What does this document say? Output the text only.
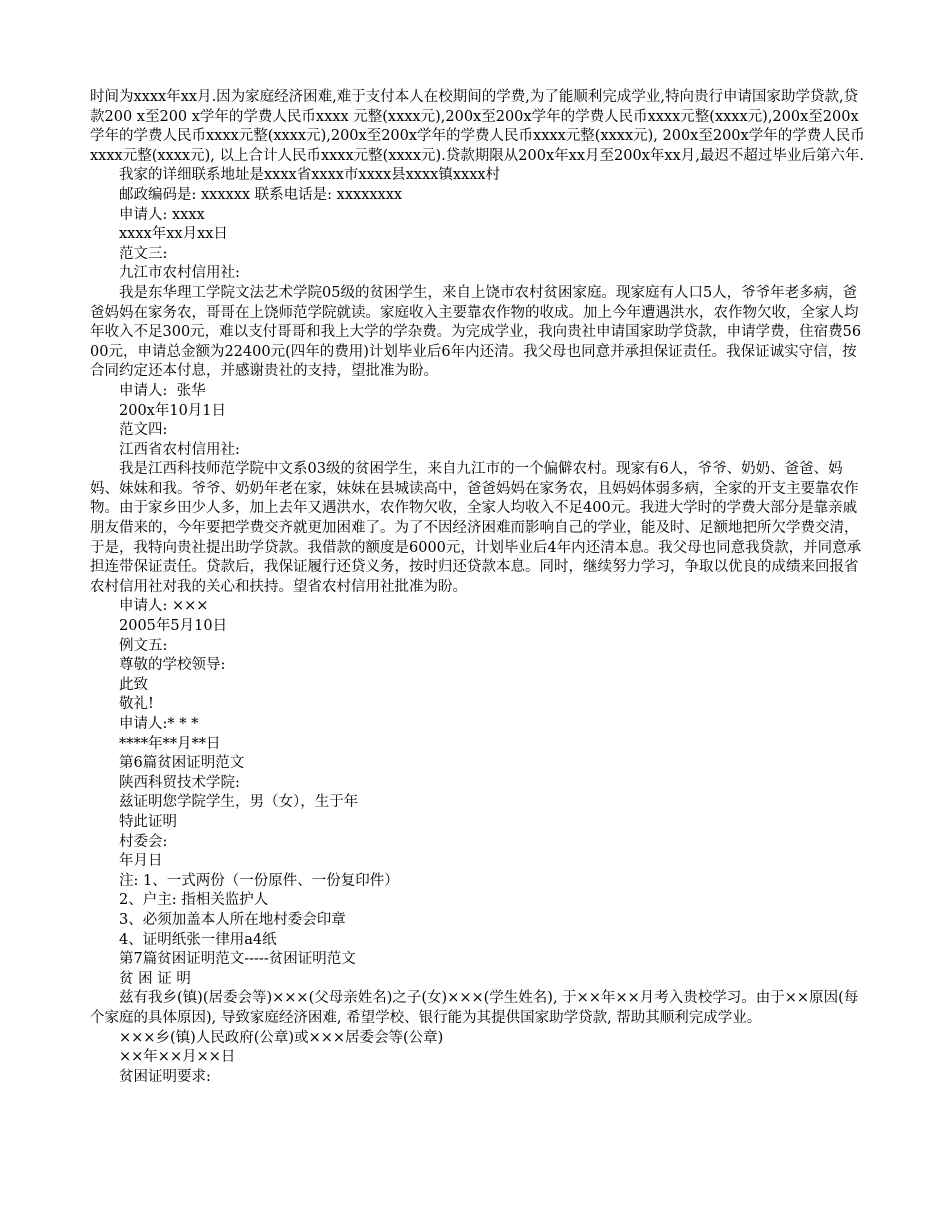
时间为xxxx年xx月.因为家庭经济困难,难于支付本人在校期间的学费,为了能顺利完成学业,特向贵行申请国家助学贷款,贷款200 x至200 x学年的学费人民币xxxx 元整(xxxx元),200x至200x学年的学费人民币xxxx元整(xxxx元),200x至200x学年的学费人民币xxxx元整(xxxx元),200x至200x学年的学费人民币xxxx元整(xxxx元), 200x至200x学年的学费人民币xxxx元整(xxxx元), 以上合计人民币xxxx元整(xxxx元).贷款期限从200x年xx月至200x年xx月,最迟不超过毕业后第六年.

我家的详细联系地址是xxxx省xxxx市xxxx县xxxx镇xxxx村

邮政编码是: xxxxxx 联系电话是: xxxxxxxx

申请人: xxxx

xxxx年xx月xx日

范文三:

九江市农村信用社:

我是东华理工学院文法艺术学院05级的贫困学生，来自上饶市农村贫困家庭。现家庭有人口5人，爷爷年老多病，爸爸妈妈在家务农，哥哥在上饶师范学院就读。家庭收入主要靠农作物的收成。加上今年遭遇洪水，农作物欠收，全家人均年收入不足300元，难以支付哥哥和我上大学的学杂费。为完成学业，我向贵社申请国家助学贷款，申请学费，住宿费5600元，申请总金额为22400元(四年的费用)计划毕业后6年内还清。我父母也同意并承担保证责任。我保证诚实守信，按合同约定还本付息，并感谢贵社的支持，望批准为盼。

申请人:  张华

200x年10月1日

范文四:

江西省农村信用社:

我是江西科技师范学院中文系03级的贫困学生，来自九江市的一个偏僻农村。现家有6人，爷爷、奶奶、爸爸、妈妈、妹妹和我。爷爷、奶奶年老在家，妹妹在县城读高中，爸爸妈妈在家务农，且妈妈体弱多病，全家的开支主要靠农作物。由于家乡田少人多，加上去年又遇洪水，农作物欠收，全家人均收入不足400元。我进大学时的学费大部分是靠亲戚朋友借来的，今年要把学费交齐就更加困难了。为了不因经济困难而影响自己的学业，能及时、足额地把所欠学费交清，于是，我特向贵社提出助学贷款。我借款的额度是6000元，计划毕业后4年内还清本息。我父母也同意我贷款，并同意承担连带保证责任。贷款后，我保证履行还贷义务，按时归还贷款本息。同时，继续努力学习，争取以优良的成绩来回报省农村信用社对我的关心和扶持。望省农村信用社批准为盼。

申请人: ×××

2005年5月10日

例文五:

尊敬的学校领导:

此致

敬礼!

申请人:* * *

****年**月**日

第6篇贫困证明范文

陕西科贸技术学院:

兹证明您学院学生，男（女），生于年

特此证明

村委会:

年月日

注: 1、一式两份（一份原件、一份复印件）

2、户主: 指相关监护人

3、必须加盖本人所在地村委会印章

4、证明纸张一律用a4纸

第7篇贫困证明范文-----贫困证明范文

贫 困 证 明

兹有我乡(镇)(居委会等)×××(父母亲姓名)之子(女)×××(学生姓名), 于××年××月考入贵校学习。由于××原因(每个家庭的具体原因), 导致家庭经济困难, 希望学校、银行能为其提供国家助学贷款, 帮助其顺利完成学业。

×××乡(镇)人民政府(公章)或×××居委会等(公章)

××年××月××日

贫困证明要求:
